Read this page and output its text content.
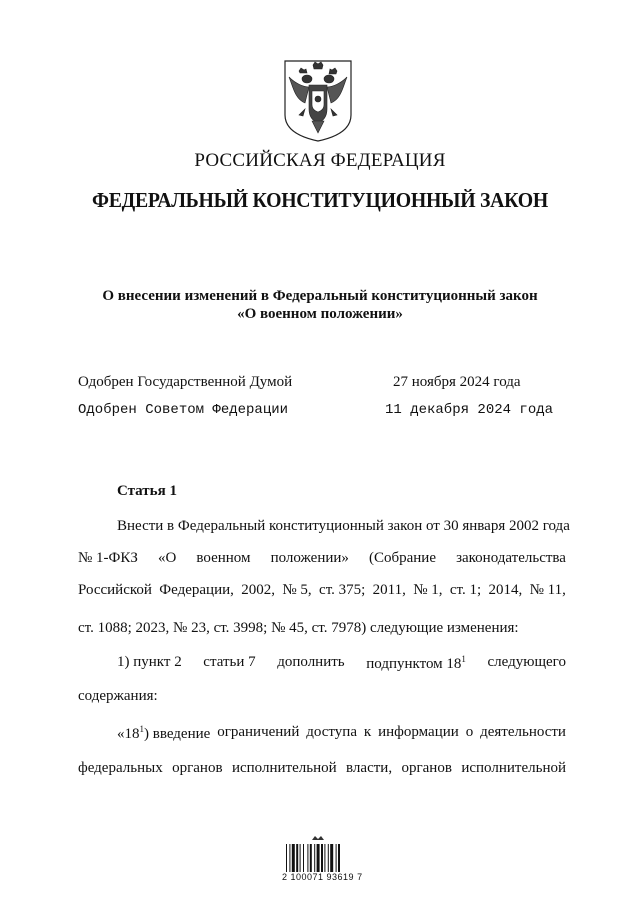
РОССИЙСКАЯ ФЕДЕРАЦИЯ
ФЕДЕРАЛЬНЫЙ КОНСТИТУЦИОННЫЙ ЗАКОН
О внесении изменений в Федеральный конституционный закон
«О военном положении»
Одобрен Государственной Думой	27 ноября 2024 года
Одобрен Советом Федерации	11 декабря 2024 года
Статья 1
Внести в Федеральный конституционный закон от 30 января 2002 года
№ 1-ФКЗ «О военном положении» (Собрание законодательства
Российской Федерации, 2002, № 5, ст. 375; 2011, № 1, ст. 1; 2014, № 11,
ст. 1088; 2023, № 23, ст. 3998; № 45, ст. 7978) следующие изменения:
1) пункт 2 статьи 7 дополнить подпунктом $18^1$ следующего
содержания:
«$18^1$) введение ограничений доступа к информации о деятельности
федеральных органов исполнительной власти, органов исполнительной
2 100071 93619 7
